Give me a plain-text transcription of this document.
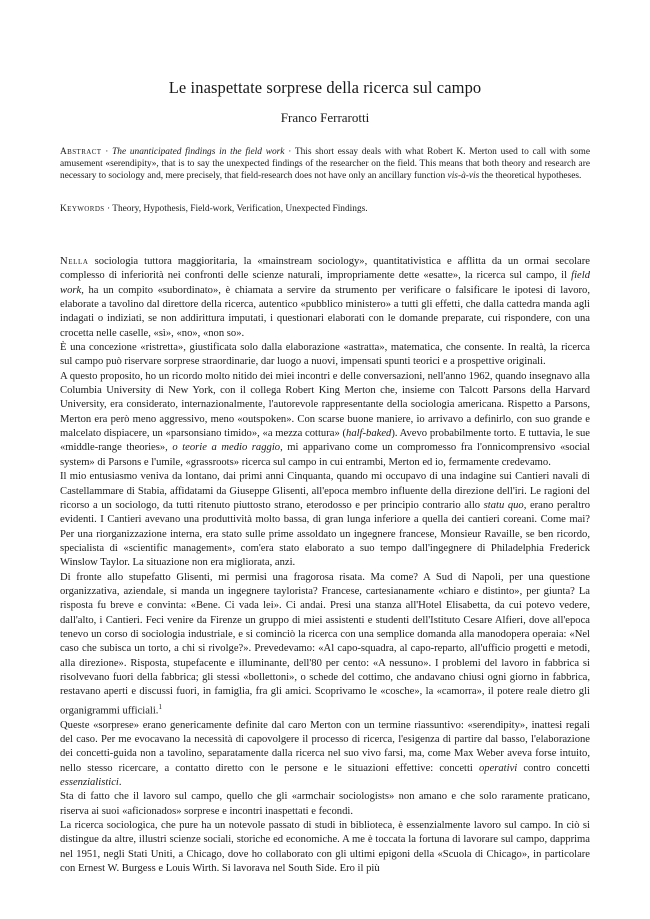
Le inaspettate sorprese della ricerca sul campo
Franco Ferrarotti
Abstract · The unanticipated findings in the field work · This short essay deals with what Robert K. Merton used to call with some amusement «serendipity», that is to say the unexpected findings of the researcher on the field. This means that both theory and research are necessary to sociology and, mere precisely, that field-research does not have only an ancillary function vis-à-vis the theoretical hypotheses.
Keywords · Theory, Hypothesis, Field-work, Verification, Unexpected Findings.

Nella sociologia tuttora maggioritaria, la «mainstream sociology», quantitativistica e afflitta da un ormai secolare complesso di inferiorità nei confronti delle scienze naturali, impropriamente dette «esatte», la ricerca sul campo, il field work, ha un compito «subordinato», è chiamata a servire da strumento per verificare o falsificare le ipotesi di lavoro, elaborate a tavolino dal direttore della ricerca, autentico «pubblico ministero» a tutti gli effetti, che dalla cattedra manda agli indagati o indiziati, se non addirittura imputati, i questionari elaborati con le domande preparate, cui rispondere, con una crocetta nelle caselle, «sì», «no», «non so».

È una concezione «ristretta», giustificata solo dalla elaborazione «astratta», matematica, che consente. In realtà, la ricerca sul campo può riservare sorprese straordinarie, dar luogo a nuovi, impensati spunti teorici e a prospettive originali.

A questo proposito, ho un ricordo molto nitido dei miei incontri e delle conversazioni, nell'anno 1962, quando insegnavo alla Columbia University di New York, con il collega Robert King Merton che, insieme con Talcott Parsons della Harvard University, era considerato, internazionalmente, l'autorevole rappresentante della sociologia americana. Rispetto a Parsons, Merton era però meno aggressivo, meno «outspoken». Con scarse buone maniere, io arrivavo a definirlo, con suo grande e malcelato dispiacere, un «parsonsiano timido», «a mezza cottura» (half-baked). Avevo probabilmente torto. E tuttavia, le sue «middle-range theories», o teorie a medio raggio, mi apparivano come un compromesso fra l'onnicomprensivo «social system» di Parsons e l'umile, «grassroots» ricerca sul campo in cui entrambi, Merton ed io, fermamente credevamo.

Il mio entusiasmo veniva da lontano, dai primi anni Cinquanta, quando mi occupavo di una indagine sui Cantieri navali di Castellammare di Stabia, affidatami da Giuseppe Glisenti, all'epoca membro influente della direzione dell'iri. Le ragioni del ricorso a un sociologo, da tutti ritenuto piuttosto strano, eterodosso e per principio contrario allo statu quo, erano peraltro evidenti. I Cantieri avevano una produttività molto bassa, di gran lunga inferiore a quella dei cantieri coreani. Come mai? Per una riorganizzazione interna, era stato sulle prime assoldato un ingegnere francese, Monsieur Ravaille, se ben ricordo, specialista di «scientific management», com'era stato elaborato a suo tempo dall'ingegnere di Philadelphia Frederick Winslow Taylor. La situazione non era migliorata, anzi.

Di fronte allo stupefatto Glisenti, mi permisi una fragorosa risata. Ma come? A Sud di Napoli, per una questione organizzativa, aziendale, si manda un ingegnere taylorista? Francese, cartesianamente «chiaro e distinto», per giunta? La risposta fu breve e convinta: «Bene. Ci vada lei». Ci andai. Presi una stanza all'Hotel Elisabetta, da cui potevo vedere, dall'alto, i Cantieri. Feci venire da Firenze un gruppo di miei assistenti e studenti dell'Istituto Cesare Alfieri, dove all'epoca tenevo un corso di sociologia industriale, e si cominciò la ricerca con una semplice domanda alla manodopera operaia: «Nel caso che subisca un torto, a chi si rivolge?». Prevedevamo: «Al capo-squadra, al capo-reparto, all'ufficio progetti e metodi, alla direzione». Risposta, stupefacente e illuminante, dell'80 per cento: «A nessuno». I problemi del lavoro in fabbrica si risolvevano fuori della fabbrica; gli stessi «bollettoni», o schede del cottimo, che andavano chiusi ogni giorno in fabbrica, restavano aperti e discussi fuori, in famiglia, fra gli amici. Scoprivamo le «cosche», la «camorra», il potere reale dietro gli organigrammi ufficiali.$^1$

Queste «sorprese» erano genericamente definite dal caro Merton con un termine riassuntivo: «serendipity», inattesi regali del caso. Per me evocavano la necessità di capovolgere il processo di ricerca, l'esigenza di partire dal basso, l'elaborazione dei concetti-guida non a tavolino, separatamente dalla ricerca nel suo vivo farsi, ma, come Max Weber aveva forse intuito, nello stesso ricercare, a contatto diretto con le persone e le situazioni effettive: concetti operativi contro concetti essenzialistici.

Sta di fatto che il lavoro sul campo, quello che gli «armchair sociologists» non amano e che solo raramente praticano, riserva ai suoi «aficionados» sorprese e incontri inaspettati e fecondi.

La ricerca sociologica, che pure ha un notevole passato di studi in biblioteca, è essenzialmente lavoro sul campo. In ciò si distingue da altre, illustri scienze sociali, storiche ed economiche. A me è toccata la fortuna di lavorare sul campo, dapprima nel 1951, negli Stati Uniti, a Chicago, dove ho collaborato con gli ultimi epigoni della «Scuola di Chicago», in particolare con Ernest W. Burgess e Louis Wirth. Si lavorava nel South Side. Ero il più
